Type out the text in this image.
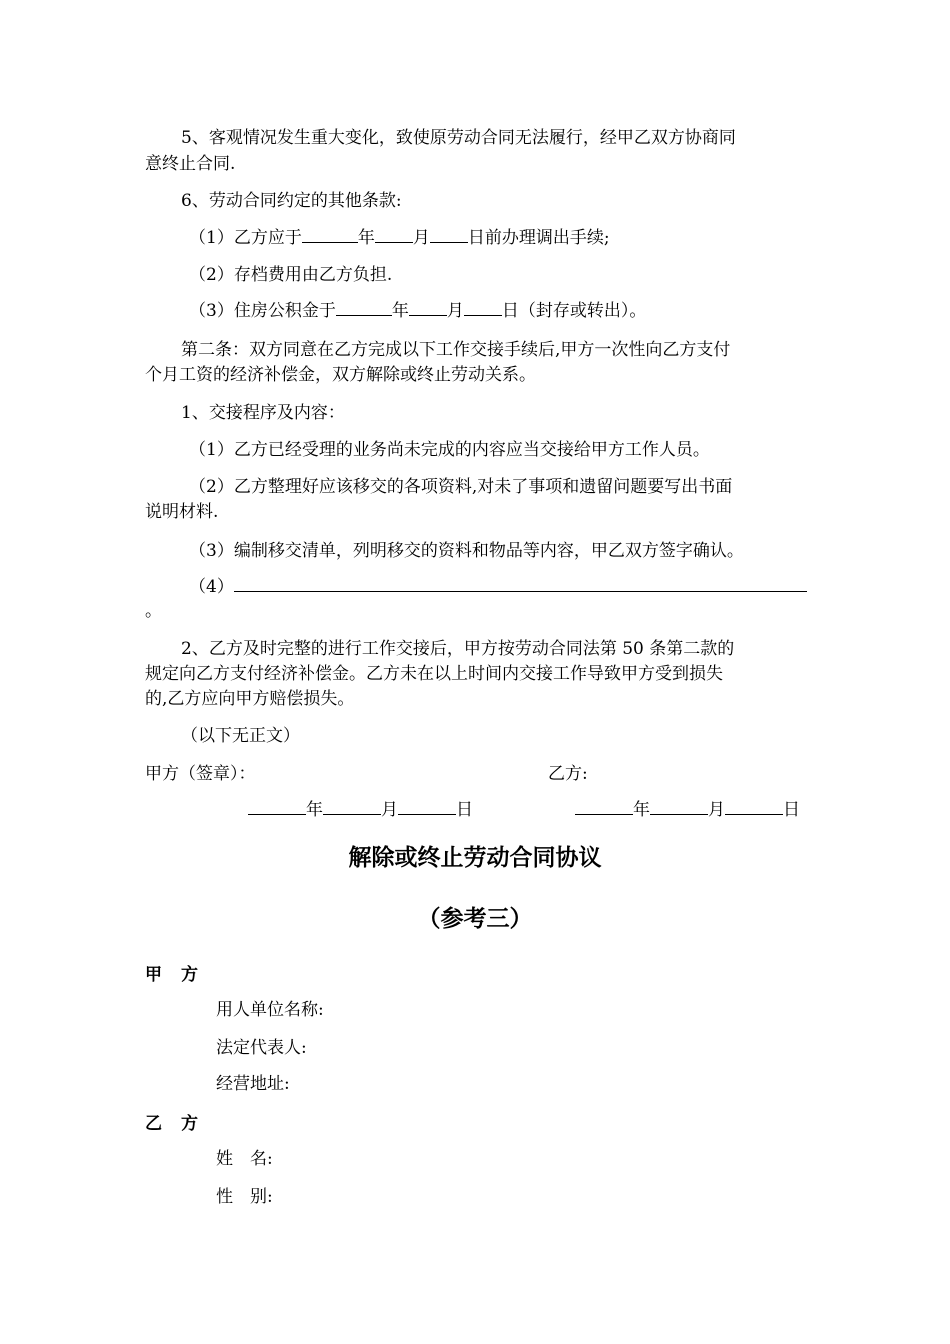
5、客观情况发生重大变化，致使原劳动合同无法履行，经甲乙双方协商同
意终止合同.
6、劳动合同约定的其他条款:
（1）乙方应于	年 月 日前办理调出手续;
（2）存档费用由乙方负担.
（3）住房公积金于	年 月 日（封存或转出）。
第二条：双方同意在乙方完成以下工作交接手续后,甲方一次性向乙方支付
个月工资的经济补偿金，双方解除或终止劳动关系。
1、交接程序及内容：
（1）乙方已经受理的业务尚未完成的内容应当交接给甲方工作人员。
（2）乙方整理好应该移交的各项资料,对未了事项和遗留问题要写出书面
说明材料.
（3）编制移交清单，列明移交的资料和物品等内容，甲乙双方签字确认。
（4）
。
2、乙方及时完整的进行工作交接后，甲方按劳动合同法第 50 条第二款的
规定向乙方支付经济补偿金。乙方未在以上时间内交接工作导致甲方受到损失
的,乙方应向甲方赔偿损失。
（以下无正文）
甲方（签章）：	乙方:
年	月	日	年	月	日
解除或终止劳动合同协议
（参考三）
甲　方
用人单位名称:
法定代表人:
经营地址:
乙　方
姓　名:
性　别:
